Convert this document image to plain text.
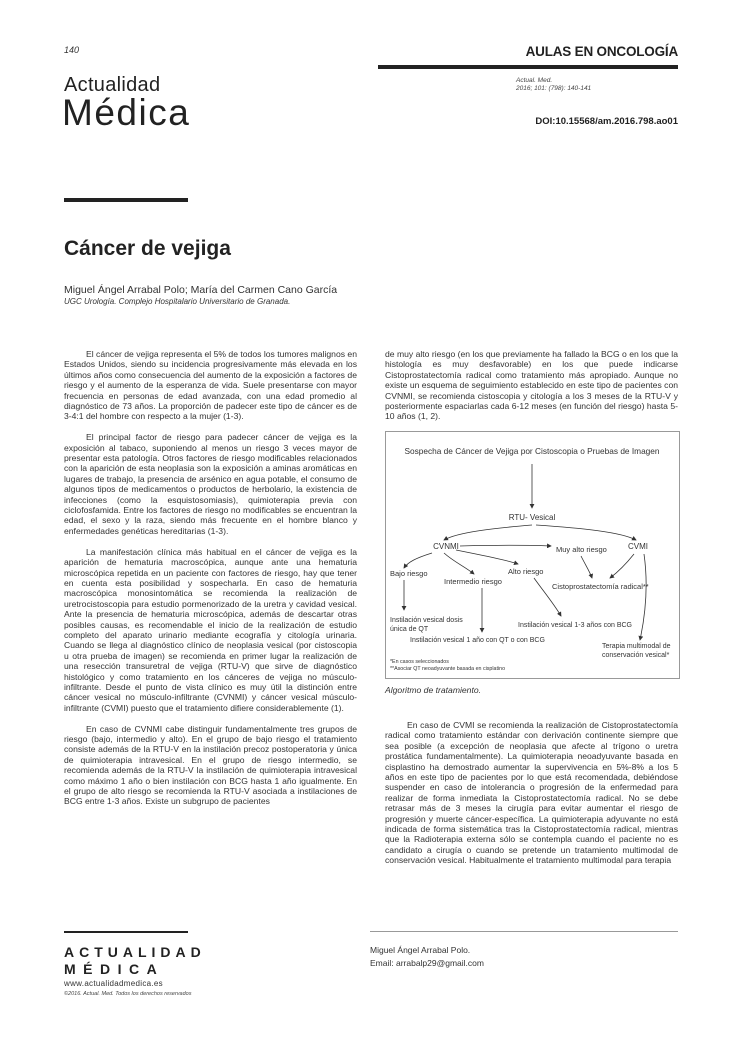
140
Actualidad
Médica
AULAS EN ONCOLOGÍA
Actual. Med.
2016; 101: (798): 140-141
DOI:10.15568/am.2016.798.ao01
Cáncer de vejiga
Miguel Ángel Arrabal Polo; María del Carmen Cano García
UGC Urología. Complejo Hospitalario Universitario de Granada.

El cáncer de vejiga representa el 5% de todos los tumores malignos en Estados Unidos, siendo su incidencia progresivamente más elevada en los últimos años como consecuencia del aumento de la exposición a factores de riesgo y el aumento de la esperanza de vida. Suele presentarse con mayor frecuencia en personas de edad avanzada, con una edad promedio al diagnóstico de 73 años. La proporción de padecer este tipo de cáncer es de 3-4:1 del hombre con respecto a la mujer (1-3).

El principal factor de riesgo para padecer cáncer de vejiga es la exposición al tabaco, suponiendo al menos un riesgo 3 veces mayor de presentar esta patología. Otros factores de riesgo modificables relacionados con la aparición de esta neoplasia son la exposición a aminas aromáticas en lugares de trabajo, la presencia de arsénico en agua potable, el consumo de algunos tipos de medicamentos o productos de herbolario, la existencia de infecciones (como la esquistosomiasis), quimioterapia previa con ciclofosfamida. Entre los factores de riesgo no modificables se encuentran la edad, el sexo y la raza, siendo más frecuente en el hombre blanco y enfermedades genéticas hereditarias (1-3).

La manifestación clínica más habitual en el cáncer de vejiga es la aparición de hematuria macroscópica, aunque ante una hematuria microscópica repetida en un paciente con factores de riesgo, hay que tener en cuenta esta posibilidad y sospecharla. En caso de hematuria macroscópica monosintomática se recomienda la realización de uretrocistoscopia para estudio pormenorizado de la uretra y cavidad vesical. Ante la presencia de hematuria microscópica, además de descartar otras posibles causas, es recomendable el inicio de la realización de estudio completo del aparato urinario mediante ecografía y citología urinaria. Cuando se llega al diagnóstico clínico de neoplasia vesical (por cistoscopia u otra prueba de imagen) se recomienda en primer lugar la realización de una resección transuretral de vejiga (RTU-V) que sirve de diagnóstico histológico y como tratamiento en los cánceres de vejiga no músculo-infiltrante. Desde el punto de vista clínico es muy útil la distinción entre cáncer vesical no músculo-infiltrante (CVNMI) y cáncer vesical músculo-infiltrante (CVMI) puesto que el tratamiento difiere considerablemente (1).

En caso de CVNMI cabe distinguir fundamentalmente tres grupos de riesgo (bajo, intermedio y alto). En el grupo de bajo riesgo el tratamiento consiste además de la RTU-V en la instilación precoz postoperatoria y única de quimioterapia intravesical. En el grupo de riesgo intermedio, se recomienda además de la RTU-V la instilación de quimioterapia intravesical como máximo 1 año o bien instilación con BCG hasta 1 año igualmente. En el grupo de alto riesgo se recomienda la RTU-V asociada a instilaciones de BCG entre 1-3 años. Existe un subgrupo de pacientes

de muy alto riesgo (en los que previamente ha fallado la BCG o en los que la histología es muy desfavorable) en los que puede indicarse Cistoprostatectomía radical como tratamiento más apropiado. Aunque no existe un esquema de seguimiento establecido en este tipo de pacientes con CVNMI, se recomienda cistoscopia y citología a los 3 meses de la RTU-V y posteriormente espaciarlas cada 6-12 meses (en función del riesgo) hasta 5-10 años (1, 2).

Sospecha de Cáncer de Vejiga por Cistoscopia o Pruebas de Imagen
RTU- Vesical
CVNMI	CVMI
Muy alto riesgo
Bajo riesgo
Intermedio riesgo
Alto riesgo
Cistoprostatectomía radical**
Instilación vesical dosis
única de QT
Instilación vesical 1-3 años con BCG
Instilación vesical 1 año con QT o con BCG
Terapia multimodal de
conservación vesical*
*En casos seleccionados
**Asociar QT neoadyuvante basada en cisplatino
Algoritmo de tratamiento.

En caso de CVMI se recomienda la realización de Cistoprostatectomía radical como tratamiento estándar con derivación continente siempre que sea posible (a excepción de neoplasia que afecte al trígono o uretra prostática fundamentalmente). La quimioterapia neoadyuvante basada en cisplastino ha demostrado aumentar la supervivencia en 5%-8% a los 5 años en este tipo de pacientes por lo que está recomendada, debiéndose suspender en caso de intolerancia o progresión de la enfermedad para realizar de forma inmediata la Cistoprostatectomía radical. No se debe retrasar más de 3 meses la cirugía para evitar aumentar el riesgo de progresión y muerte cáncer-específica. La quimioterapia adyuvante no está indicada de forma sistemática tras la Cistoprostatectomía radical, mientras que la Radioterapia externa sólo se contempla cuando el paciente no es candidato a cirugía o cuando se pretende un tratamiento multimodal de conservación vesical. Habitualmente el tratamiento multimodal para terapia

ACTUALIDAD
MÉDICA
www.actualidadmedica.es
©2016. Actual. Med. Todos los derechos reservados
Miguel Ángel Arrabal Polo.
Email: arrabalp29@gmail.com
